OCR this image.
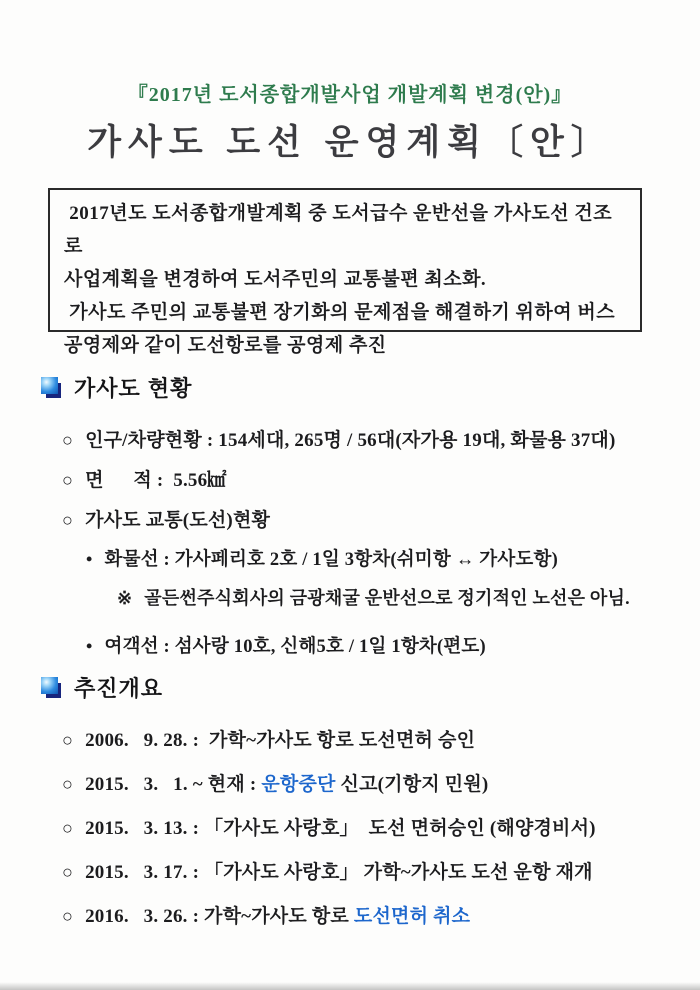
『2017년 도서종합개발사업 개발계획 변경(안)』
가사도 도선 운영계획〔안〕

2017년도 도서종합개발계획 중 도서급수 운반선을 가사도선 건조로

사업계획을 변경하여 도서주민의 교통불편 최소화.

가사도 주민의 교통불편 장기화의 문제점을 해결하기 위하여 버스

공영제와 같이 도선항로를 공영제 추진

가사도 현황
○ 인구/차량현황 : 154세대, 265명 / 56대(자가용 19대, 화물용 37대)
○ 면      적 :  5.56㎢
○ 가사도 교통(도선)현황
• 화물선 : 가사페리호 2호 / 1일 3항차(쉬미항 ↔ 가사도항)
※ 골든썬주식회사의 금광채굴 운반선으로 정기적인 노선은 아님.
• 여객선 : 섬사랑 10호, 신해5호 / 1일 1항차(편도)
추진개요
○ 2006.   9. 28. :  가학~가사도 항로 도선면허 승인
○ 2015.   3.   1. ~ 현재 : 운항중단 신고(기항지 민원)
○ 2015.   3. 13. : 「가사도 사랑호」  도선 면허승인 (해양경비서)
○ 2015.   3. 17. : 「가사도 사랑호」 가학~가사도 도선 운항 재개
○ 2016.   3. 26. : 가학~가사도 항로 도선면허 취소
